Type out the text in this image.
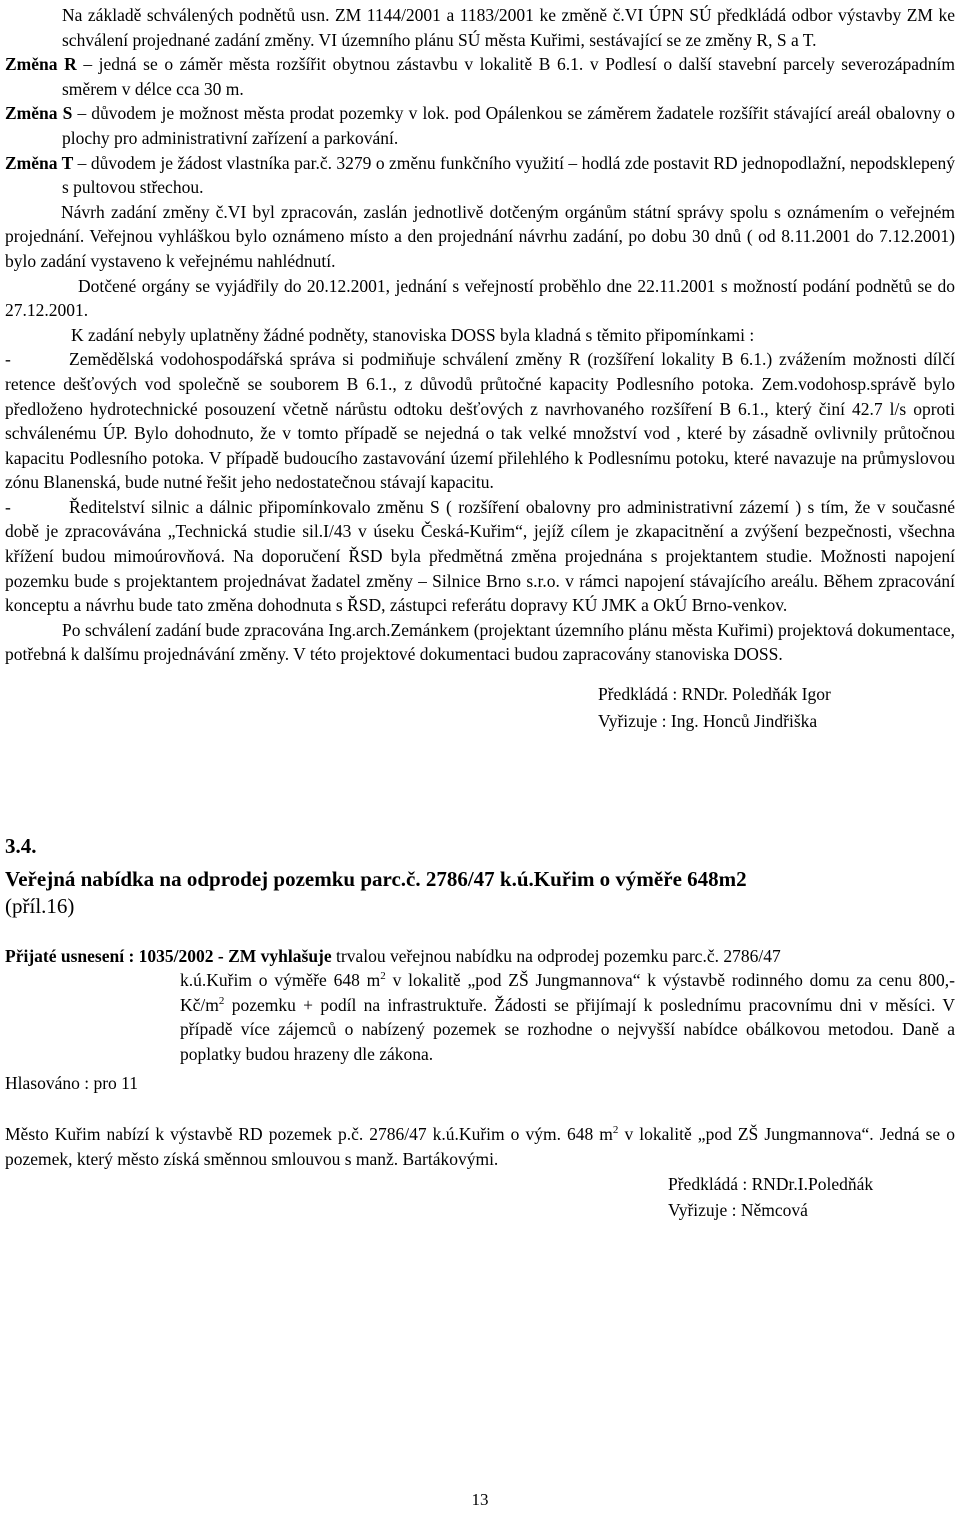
Na základě schválených podnětů usn. ZM 1144/2001 a 1183/2001 ke změně č.VI ÚPN SÚ předkládá odbor výstavby ZM ke schválení projednané zadání změny. VI územního plánu SÚ města Kuřimi, sestávající se ze změny R, S a T.

Změna R – jedná se o záměr města rozšířit obytnou zástavbu v lokalitě B 6.1. v Podlesí o další stavební parcely severozápadním směrem v délce cca 30 m.

Změna S – důvodem je možnost města prodat pozemky v lok. pod Opálenkou se záměrem žadatele rozšířit stávající areál obalovny o plochy pro administrativní zařízení a parkování.

Změna T – důvodem je žádost vlastníka par.č. 3279 o změnu funkčního využití – hodlá zde postavit RD jednopodlažní, nepodsklepený s pultovou střechou.

Návrh zadání změny č.VI byl zpracován, zaslán jednotlivě dotčeným orgánům státní správy spolu s oznámením o veřejném projednání. Veřejnou vyhláškou bylo oznámeno místo a den projednání návrhu zadání, po dobu 30 dnů ( od 8.11.2001 do 7.12.2001) bylo zadání vystaveno k veřejnému nahlédnutí.

Dotčené orgány se vyjádřily do 20.12.2001, jednání s veřejností proběhlo dne 22.11.2001 s možností podání podnětů se do 27.12.2001.

K zadání nebyly uplatněny žádné podněty, stanoviska DOSS byla kladná s těmito připomínkami :

-	Zemědělská vodohospodářská správa si podmiňuje schválení změny R (rozšíření lokality B 6.1.) zvážením možnosti dílčí retence dešťových vod společně se souborem B 6.1., z důvodů průtočné kapacity Podlesního potoka. Zem.vodohosp.správě bylo předloženo hydrotechnické posouzení včetně nárůstu odtoku dešťových z navrhovaného rozšíření B 6.1., který činí 42.7 l/s oproti schválenému ÚP. Bylo dohodnuto, že v tomto případě se nejedná o tak velké množství vod , které by zásadně ovlivnily průtočnou kapacitu Podlesního potoka. V případě budoucího zastavování území přilehlého k Podlesnímu potoku, které navazuje na průmyslovou zónu Blanenská, bude nutné řešit jeho nedostatečnou stávají kapacitu.

-	Ředitelství silnic a dálnic připomínkovalo změnu S ( rozšíření obalovny pro administrativní zázemí ) s tím, že v současné době je zpracovávána „Technická studie sil.I/43 v úseku Česká-Kuřim“, jejíž cílem je zkapacitnění a zvýšení bezpečnosti, všechna křížení budou mimoúrovňová. Na doporučení ŘSD byla předmětná změna projednána s projektantem studie. Možnosti napojení pozemku bude s projektantem projednávat žadatel změny – Silnice Brno s.r.o. v rámci napojení stávajícího areálu. Během zpracování konceptu a návrhu bude tato změna dohodnuta s ŘSD, zástupci referátu dopravy KÚ JMK a OkÚ Brno-venkov.

Po schválení zadání bude zpracována Ing.arch.Zemánkem (projektant územního plánu města Kuřimi) projektová dokumentace, potřebná k dalšímu projednávání změny. V této projektové dokumentaci budou zapracovány stanoviska DOSS.

Předkládá : RNDr. Poledňák Igor

Vyřizuje : Ing. Honců Jindřiška

3.4.
Veřejná nabídka na odprodej pozemku parc.č. 2786/47 k.ú.Kuřim o výměře 648m2
(příl.16)

Přijaté usnesení : 1035/2002 - ZM vyhlašuje trvalou veřejnou nabídku na odprodej pozemku parc.č. 2786/47

k.ú.Kuřim o výměře 648 $m^2$ v lokalitě „pod ZŠ Jungmannova“ k výstavbě rodinného domu za cenu 800,- $Kč/m^2$ pozemku + podíl na infrastruktuře. Žádosti se přijímají k poslednímu pracovnímu dni v měsíci. V případě více zájemců o nabízený pozemek se rozhodne o nejvyšší nabídce obálkovou metodou. Daně a poplatky budou hrazeny dle zákona.

Hlasováno : pro 11

Město Kuřim nabízí k výstavbě RD pozemek p.č. 2786/47 k.ú.Kuřim o vým. 648 $m^2$ v lokalitě „pod ZŠ Jungmannova“. Jedná se o pozemek, který město získá směnnou smlouvou s manž. Bartákovými.

Předkládá : RNDr.I.Poledňák

Vyřizuje : Němcová

13
